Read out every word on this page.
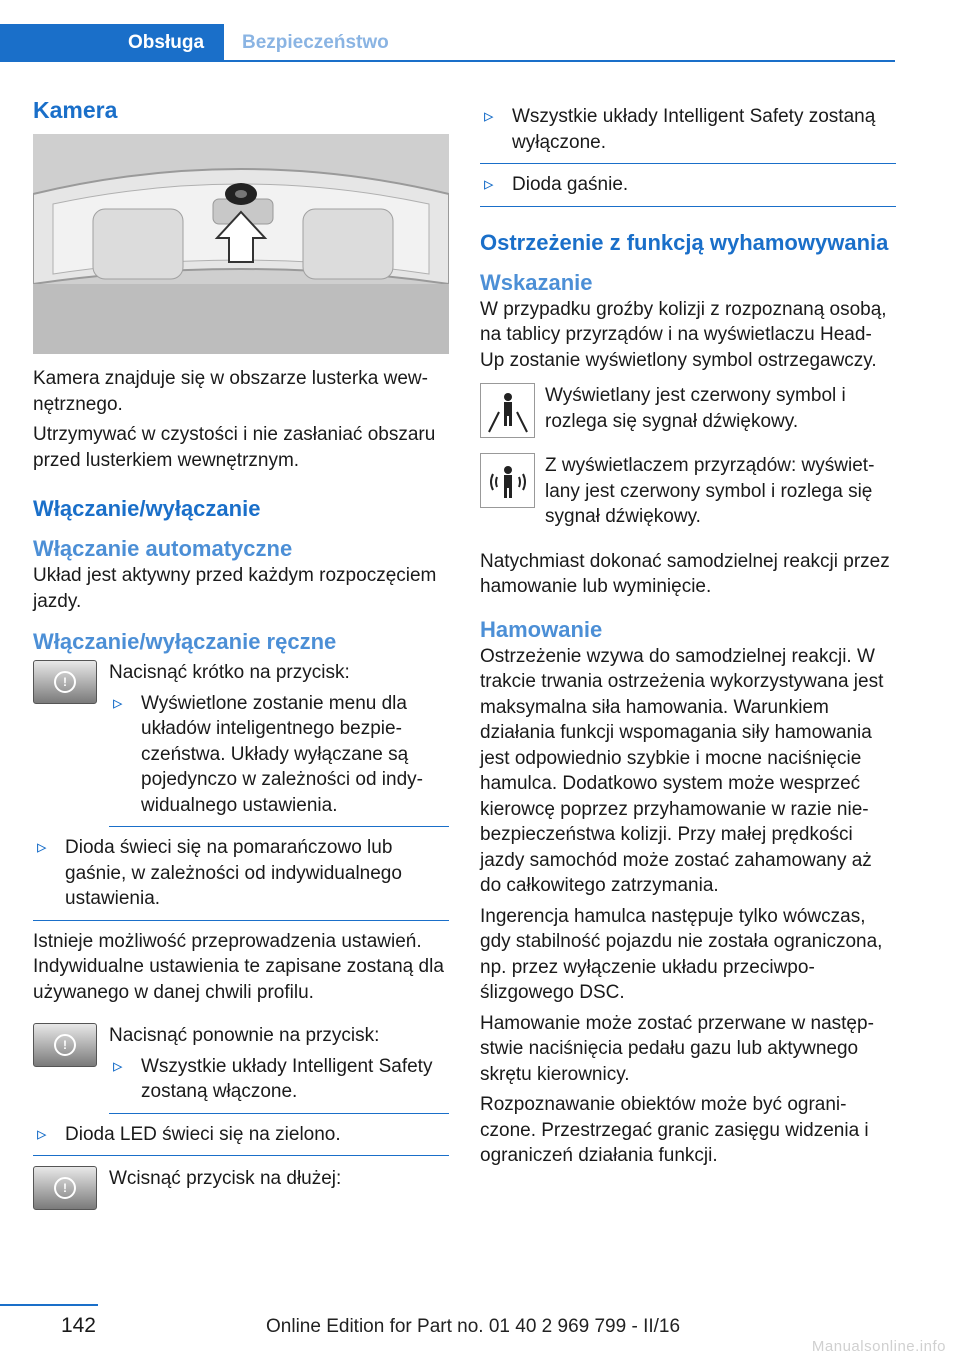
Obsługa	Bezpieczeństwo
Kamera

Kamera znajduje się w obszarze lusterka wewnętrznego.

Utrzymywać w czystości i nie zasłaniać obszaru przed lusterkiem wewnętrznym.

Włączanie/wyłączanie
Włączanie automatyczne

Układ jest aktywny przed każdym rozpoczęciem jazdy.

Włączanie/wyłączanie ręczne
!	Nacisnąć krótko na przycisk:

▹ Wyświetlone zostanie menu dla układów inteligentnego bezpieczeństwa. Układy wyłączane są pojedynczo w zależności od indywidualnego ustawienia.
▹ Dioda świeci się na pomarańczowo lub gaśnie, w zależności od indywidualnego ustawienia.

Istnieje możliwość przeprowadzenia ustawień. Indywidualne ustawienia te zapisane zostaną dla używanego w danej chwili profilu.

!	Nacisnąć ponownie na przycisk:

▹ Wszystkie układy Intelligent Safety zostaną włączone.
▹ Dioda LED świeci się na zielono.
!	Wcisnąć przycisk na dłużej:

▹ Wszystkie układy Intelligent Safety zostaną wyłączone.
▹ Dioda gaśnie.
Ostrzeżenie z funkcją wyhamowywania
Wskazanie

W przypadku groźby kolizji z rozpoznaną osobą, na tablicy przyrządów i na wyświetlaczu Head-Up zostanie wyświetlony symbol ostrzegawczy.

Wyświetlany jest czerwony symbol i rozlega się sygnał dźwiękowy.

Z wyświetlaczem przyrządów: wyświetlany jest czerwony symbol i rozlega się sygnał dźwiękowy.

Natychmiast dokonać samodzielnej reakcji przez hamowanie lub wyminięcie.

Hamowanie

Ostrzeżenie wzywa do samodzielnej reakcji. W trakcie trwania ostrzeżenia wykorzystywana jest maksymalna siła hamowania. Warunkiem działania funkcji wspomagania siły hamowania jest odpowiednio szybkie i mocne naciśnięcie hamulca. Dodatkowo system może wesprzeć kierowcę poprzez przyhamowanie w razie niebezpieczeństwa kolizji. Przy małej prędkości jazdy samochód może zostać zahamowany aż do całkowitego zatrzymania.

Ingerencja hamulca następuje tylko wówczas, gdy stabilność pojazdu nie została ograniczona, np. przez wyłączenie układu przeciwpoślizgowego DSC.

Hamowanie może zostać przerwane w następstwie naciśnięcia pedału gazu lub aktywnego skrętu kierownicy.

Rozpoznawanie obiektów może być ograniczone. Przestrzegać granic zasięgu widzenia i ograniczeń działania funkcji.

142	Online Edition for Part no. 01 40 2 969 799 - II/16
Manualsonline.info
